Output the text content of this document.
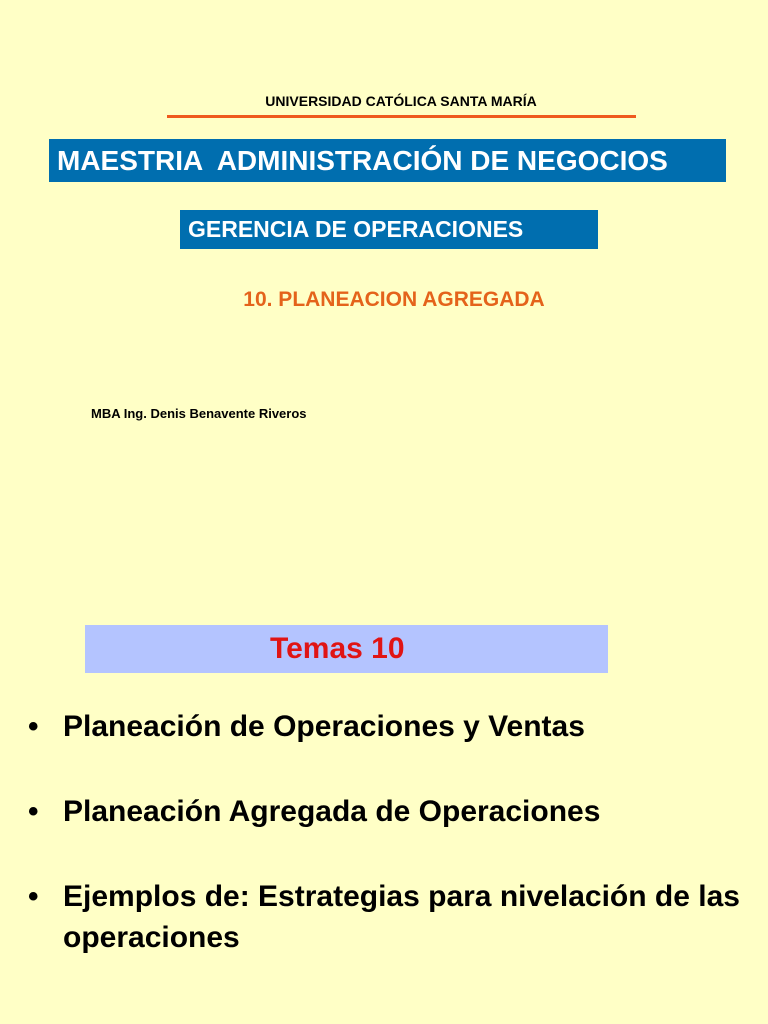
UNIVERSIDAD CATÓLICA SANTA MARÍA
MAESTRIA  ADMINISTRACIÓN DE NEGOCIOS
GERENCIA DE OPERACIONES
10. PLANEACION AGREGADA
MBA Ing. Denis Benavente Riveros
Temas 10
• Planeación de Operaciones y Ventas
• Planeación Agregada de Operaciones
• Ejemplos de: Estrategias para nivelación de las operaciones
